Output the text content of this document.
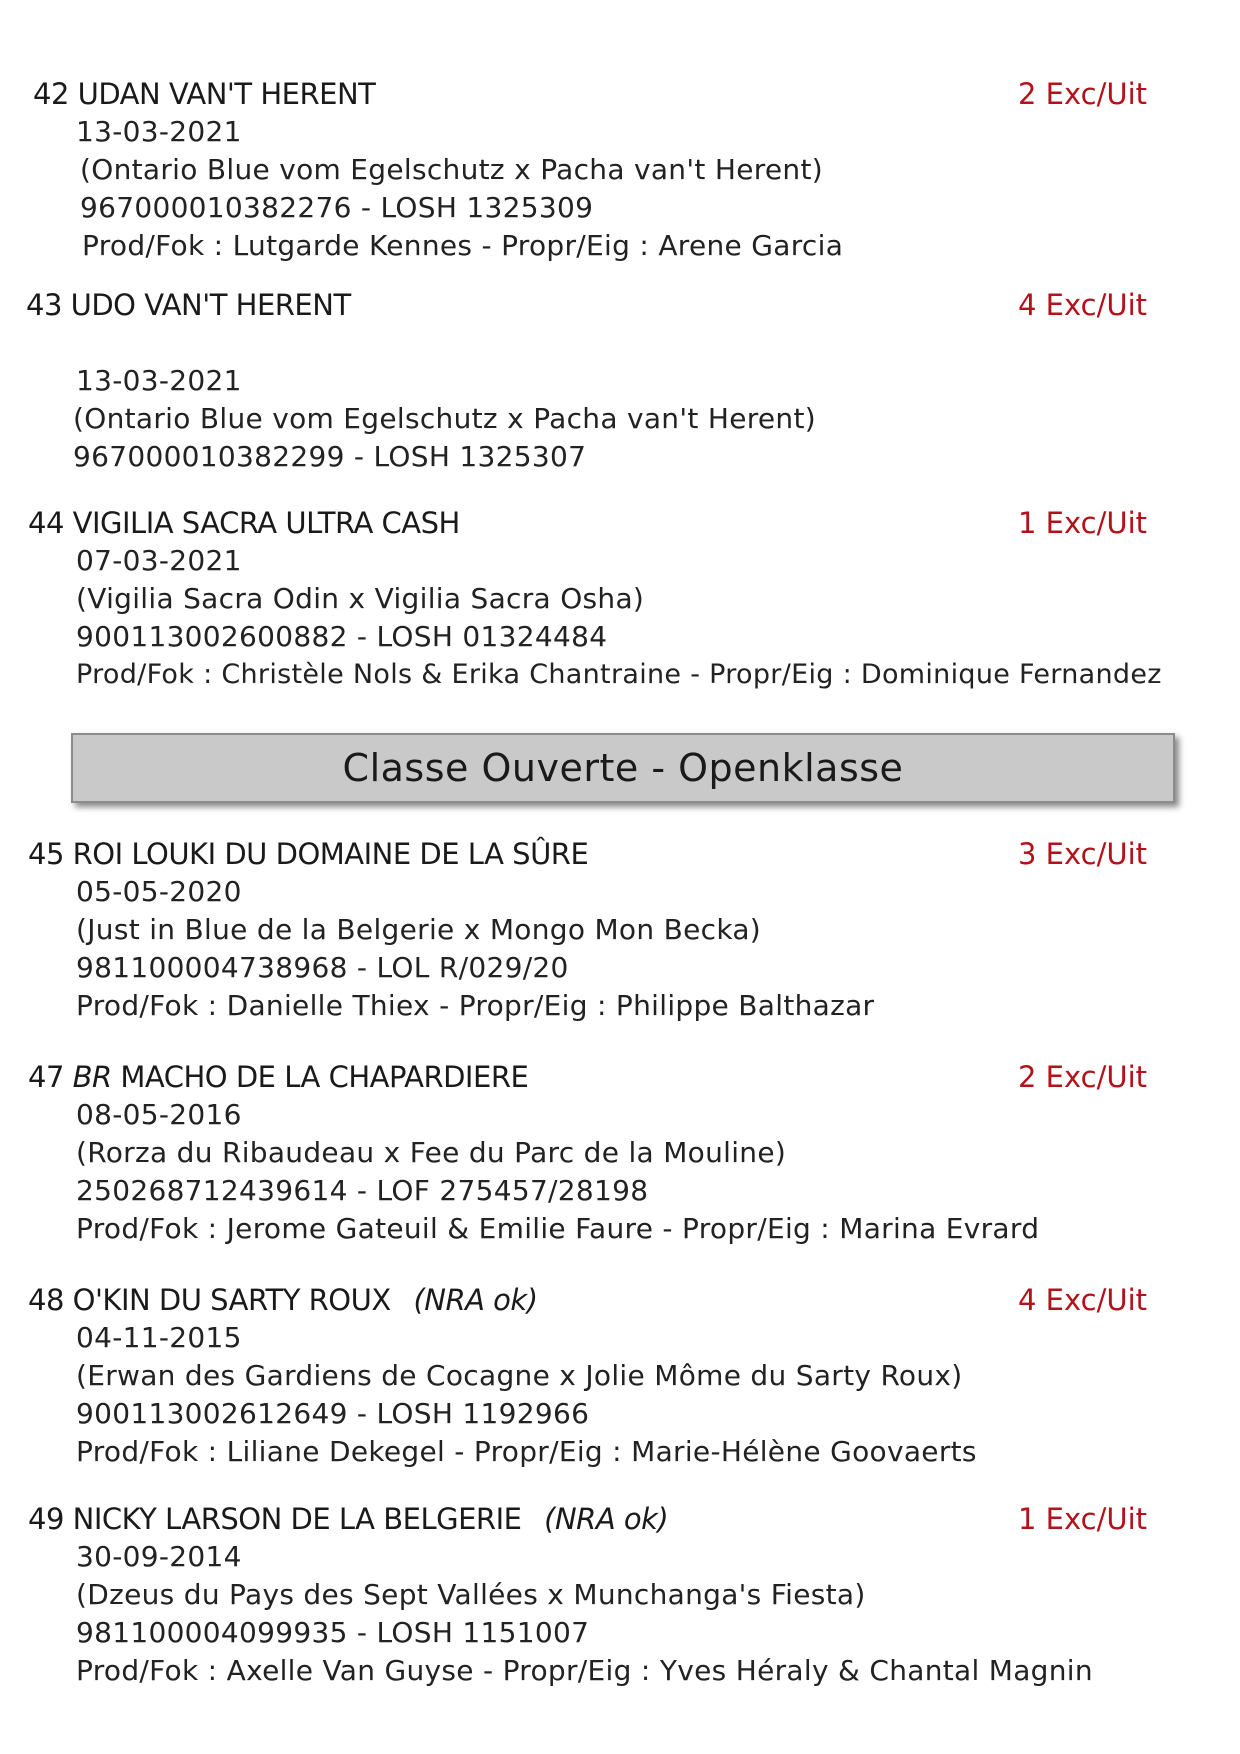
42 UDAN VAN'T HERENT	2 Exc/Uit
13-03-2021
(Ontario Blue vom Egelschutz x Pacha van't Herent)
967000010382276 - LOSH 1325309
Prod/Fok : Lutgarde Kennes - Propr/Eig : Arene Garcia
43 UDO VAN'T HERENT	4 Exc/Uit
13-03-2021
(Ontario Blue vom Egelschutz x Pacha van't Herent)
967000010382299 - LOSH 1325307
44 VIGILIA SACRA ULTRA CASH	1 Exc/Uit
07-03-2021
(Vigilia Sacra Odin x Vigilia Sacra Osha)
900113002600882 - LOSH 01324484
Prod/Fok : Christèle Nols & Erika Chantraine - Propr/Eig : Dominique Fernandez
Classe Ouverte - Openklasse
45 ROI LOUKI DU DOMAINE DE LA SÛRE	3 Exc/Uit
05-05-2020
(Just in Blue de la Belgerie x Mongo Mon Becka)
981100004738968 - LOL R/029/20
Prod/Fok : Danielle Thiex - Propr/Eig : Philippe Balthazar
47 BR MACHO DE LA CHAPARDIERE	2 Exc/Uit
08-05-2016
(Rorza du Ribaudeau x Fee du Parc de la Mouline)
250268712439614 - LOF 275457/28198
Prod/Fok : Jerome Gateuil & Emilie Faure - Propr/Eig : Marina Evrard
48 O'KIN DU SARTY ROUX (NRA ok)	4 Exc/Uit
04-11-2015
(Erwan des Gardiens de Cocagne x Jolie Môme du Sarty Roux)
900113002612649 - LOSH 1192966
Prod/Fok : Liliane Dekegel - Propr/Eig : Marie-Hélène Goovaerts
49 NICKY LARSON DE LA BELGERIE (NRA ok)	1 Exc/Uit
30-09-2014
(Dzeus du Pays des Sept Vallées x Munchanga's Fiesta)
981100004099935 - LOSH 1151007
Prod/Fok : Axelle Van Guyse - Propr/Eig : Yves Héraly & Chantal Magnin
